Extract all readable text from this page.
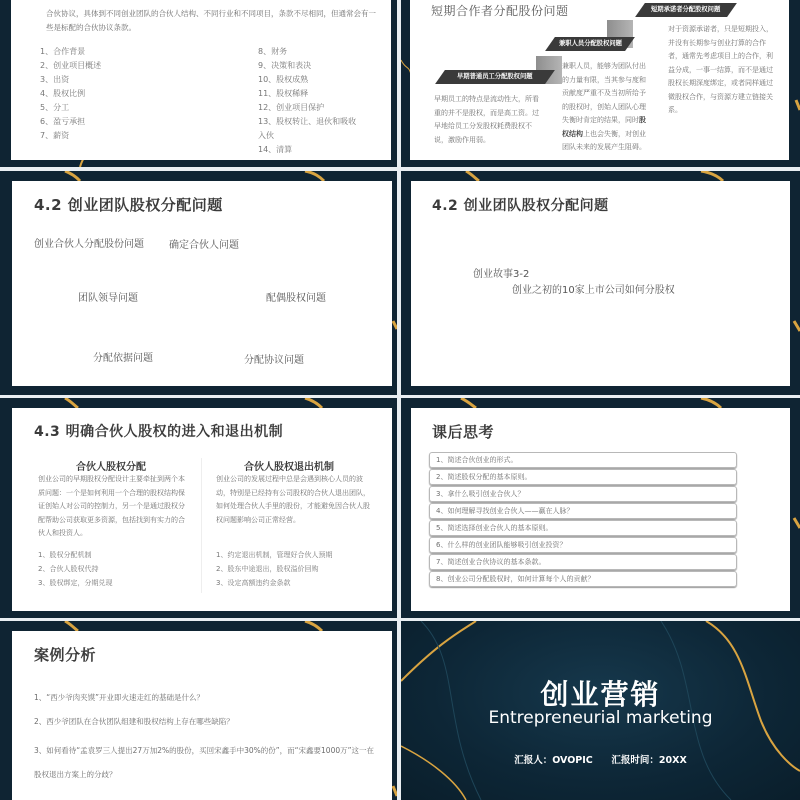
合伙协议，具体到不同创业团队的合伙人结构、不同行业和不同项目，条款不尽相同，但通常会有一些是标配的合伙协议条款。
1、合作背景
2、创业项目概述
3、出资
4、股权比例
5、分工
6、盈亏承担
7、薪资
8、财务
9、决策和表决
10、股权成熟
11、股权稀释
12、创业项目保护
13、股权转让、退伙和吸收入伙
14、清算
短期合作者分配股份问题
早期普通员工分配股权问题
兼职人员分配股权问题
短期承诺者分配股权问题
早期员工的特点是流动性大，所看重的并不是股权，而是高工资。过早地给员工分发股权耗费股权不说，激励作用弱。
兼职人员，能够为团队付出的力量有限，当其参与度和贡献度严重不及当初所给予的股权时，创始人团队心理失衡时肯定的结果，同时股权结构上也会失衡，对创业团队未来的发展产生阻碍。
对于资源承诺者，只是短期投入，并没有长期参与创业打算的合作者，通常先考虑项目上的合作，利益分成，一事一结算，而不是通过股权长期深度绑定，或者同样通过微股权合作，与资源方建立链接关系。
4.2 创业团队股权分配问题
创业合伙人分配股份问题	确定合伙人问题
团队领导问题	配偶股权问题
分配依据问题	分配协议问题
4.2 创业团队股权分配问题
创业故事3-2
创业之初的10家上市公司如何分股权
4.3 明确合伙人股权的进入和退出机制
合伙人股权分配
创业公司的早期股权分配设计主要牵扯到两个本质问题：一个是如何利用一个合理的股权结构保证创始人对公司的控制力，另一个是通过股权分配帮助公司获取更多资源，包括找到有实力的合伙人和投资人。
1、股权分配机制
2、合伙人股权代持
3、股权绑定，分期兑现
合伙人股权退出机制
创业公司的发展过程中总是会遇到核心人员的波动，特别是已经持有公司股权的合伙人退出团队，如何处理合伙人手里的股份，才能避免因合伙人股权问题影响公司正常经营。
1、约定退出机制，管理好合伙人预期
2、股东中途退出，股权溢价回购
3、设定高额违约金条款
课后思考
1、简述合伙创业的形式。
2、简述股权分配的基本原则。
3、拿什么吸引创业合伙人？
4、如何理解寻找创业合伙人——赢在人脉？
5、简述选择创业合伙人的基本原则。
6、什么样的创业团队能够吸引创业投资？
7、简述创业合伙协议的基本条款。
8、创业公司分配股权时，如何计算每个人的贡献？
案例分析
1、“西少爷肉夹馍”开业即火速走红的基础是什么？
2、西少爷团队在合伙团队组建和股权结构上存在哪些缺陷？
3、如何看待“孟袁罗三人提出27万加2%的股份，买回宋鑫手中30%的份”，而“宋鑫要1000万”这一在股权退出方案上的分歧？
创业营销
Entrepreneurial marketing
汇报人：OVOPIC 汇报时间：20XX
